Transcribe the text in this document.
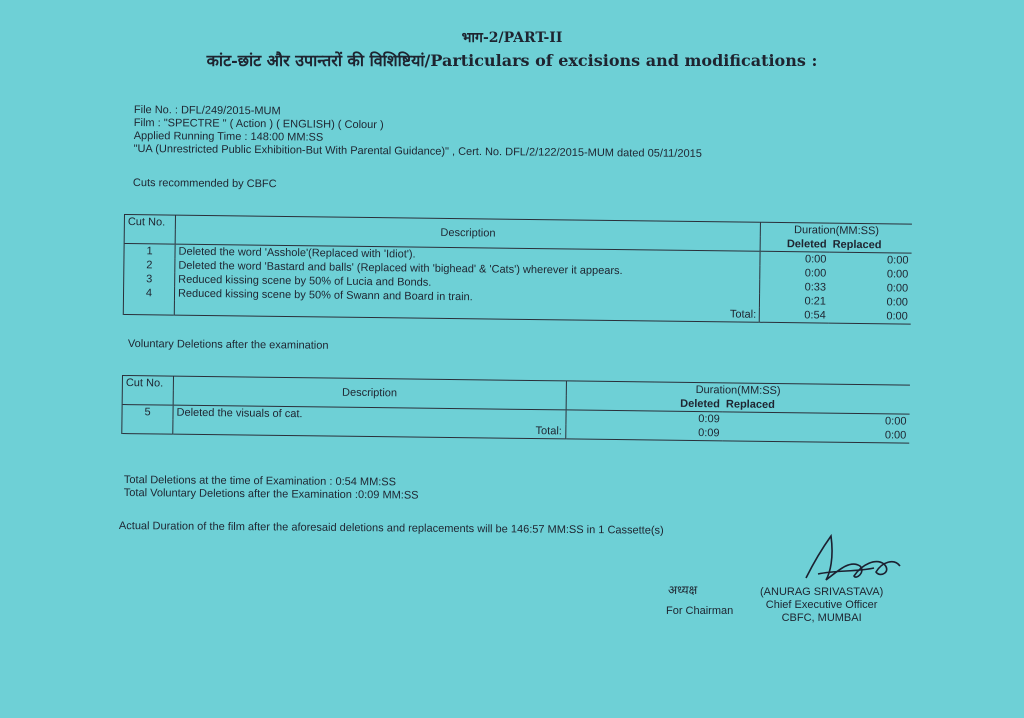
भाग-2/PART-II
कांट-छांट और उपान्तरों की विशिष्टियां/Particulars of excisions and modifications :
File No. : DFL/249/2015-MUM
Film : "SPECTRE " ( Action ) ( ENGLISH) ( Colour )
Applied Running Time : 148:00 MM:SS
"UA (Unrestricted Public Exhibition-But With Parental Guidance)" , Cert. No. DFL/2/122/2015-MUM dated 05/11/2015
Cuts recommended by CBFC
Cut No.	Description	Duration(MM:SS)	
		Deleted	Replaced
1	Deleted the word 'Asshole'(Replaced with 'Idiot').	0:00	0:00
2	Deleted the word 'Bastard and balls' (Replaced with 'bighead' & 'Cats') wherever it appears.	0:00	0:00
3	Reduced kissing scene by 50% of Lucia and Bonds.	0:33	0:00
4	Reduced kissing scene by 50% of Swann and Board in train.	0:21	0:00
	Total:	0:54	0:00
Voluntary Deletions after the examination
Cut No.	Description	Duration(MM:SS)	
		Deleted	Replaced
5	Deleted the visuals of cat.	0:09	0:00
	Total:	0:09	0:00
Total Deletions at the time of Examination : 0:54 MM:SS
Total Voluntary Deletions after the Examination :0:09 MM:SS
Actual Duration of the film after the aforesaid deletions and replacements will be 146:57 MM:SS in 1 Cassette(s)
अध्यक्ष
For Chairman
(ANURAG SRIVASTAVA)
Chief Executive Officer
CBFC, MUMBAI
